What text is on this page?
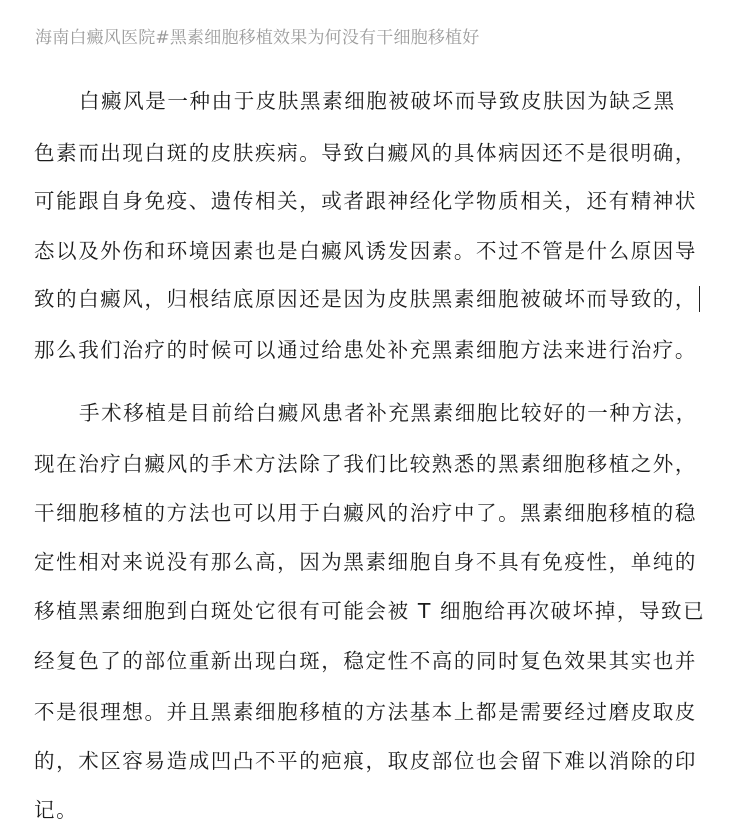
海南白癜风医院#黑素细胞移植效果为何没有干细胞移植好
白癜风是一种由于皮肤黑素细胞被破坏而导致皮肤因为缺乏黑
色素而出现白斑的皮肤疾病。导致白癜风的具体病因还不是很明确，
可能跟自身免疫、遗传相关，或者跟神经化学物质相关，还有精神状
态以及外伤和环境因素也是白癜风诱发因素。不过不管是什么原因导
致的白癜风，归根结底原因还是因为皮肤黑素细胞被破坏而导致的，
那么我们治疗的时候可以通过给患处补充黑素细胞方法来进行治疗。
手术移植是目前给白癜风患者补充黑素细胞比较好的一种方法，
现在治疗白癜风的手术方法除了我们比较熟悉的黑素细胞移植之外，
干细胞移植的方法也可以用于白癜风的治疗中了。黑素细胞移植的稳
定性相对来说没有那么高，因为黑素细胞自身不具有免疫性，单纯的
移植黑素细胞到白斑处它很有可能会被 T 细胞给再次破坏掉，导致已
经复色了的部位重新出现白斑，稳定性不高的同时复色效果其实也并
不是很理想。并且黑素细胞移植的方法基本上都是需要经过磨皮取皮
的，术区容易造成凹凸不平的疤痕，取皮部位也会留下难以消除的印
记。
